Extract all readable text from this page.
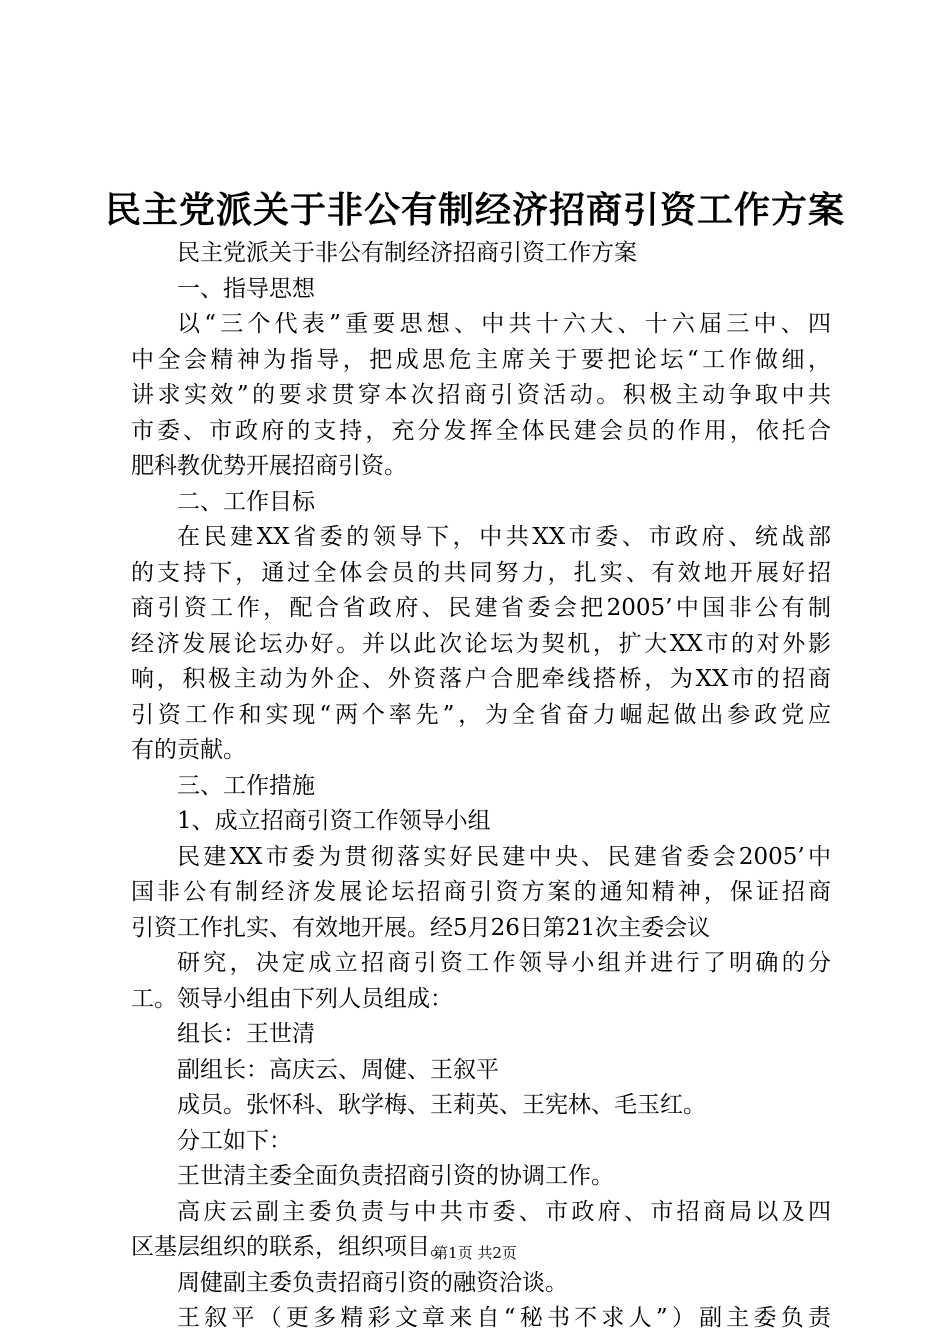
民主党派关于非公有制经济招商引资工作方案
民主党派关于非公有制经济招商引资工作方案
一、指导思想
以“三个代表”重要思想、中共十六大、十六届三中、四
中全会精神为指导，把成思危主席关于要把论坛“工作做细，
讲求实效”的要求贯穿本次招商引资活动。积极主动争取中共
市委、市政府的支持，充分发挥全体民建会员的作用，依托合
肥科教优势开展招商引资。
二、工作目标
在民建XX省委的领导下，中共XX市委、市政府、统战部
的支持下，通过全体会员的共同努力，扎实、有效地开展好招
商引资工作，配合省政府、民建省委会把2005’中国非公有制
经济发展论坛办好。并以此次论坛为契机，扩大XX市的对外影
响，积极主动为外企、外资落户合肥牵线搭桥，为XX市的招商
引资工作和实现“两个率先”，为全省奋力崛起做出参政党应
有的贡献。
三、工作措施
1、成立招商引资工作领导小组
民建XX市委为贯彻落实好民建中央、民建省委会2005’中
国非公有制经济发展论坛招商引资方案的通知精神，保证招商
引资工作扎实、有效地开展。经5月26日第21次主委会议
研究，决定成立招商引资工作领导小组并进行了明确的分
工。领导小组由下列人员组成：
组长：王世清
副组长：高庆云、周健、王叙平
成员。张怀科、耿学梅、王莉英、王宪林、毛玉红。
分工如下：
王世清主委全面负责招商引资的协调工作。
高庆云副主委负责与中共市委、市政府、市招商局以及四
区基层组织的联系，组织项目。
周健副主委负责招商引资的融资洽谈。
王叙平（更多精彩文章来自“秘书不求人”）副主委负责
第1页 共2页
